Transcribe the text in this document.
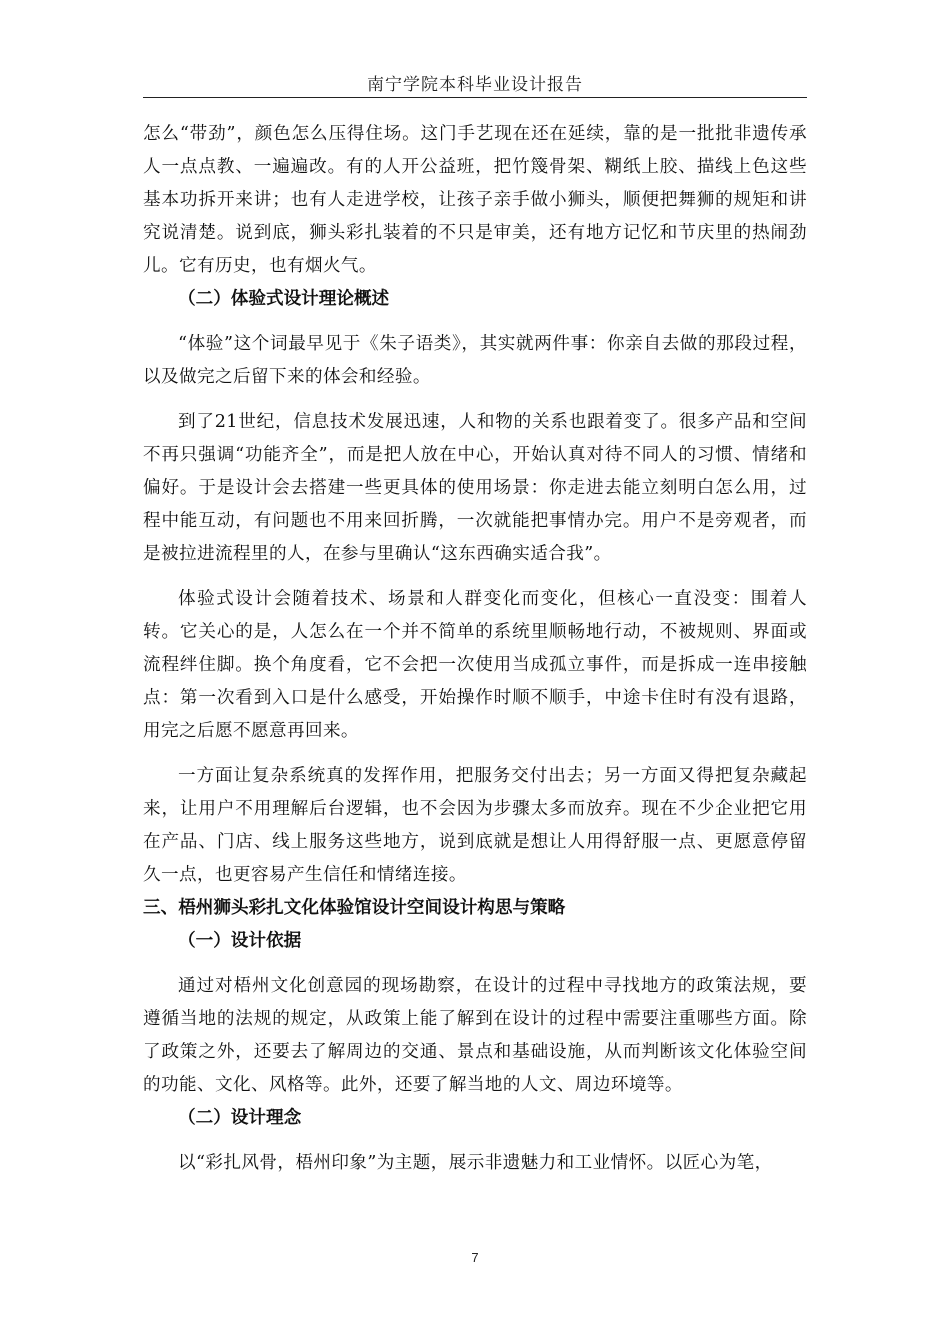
南宁学院本科毕业设计报告

怎么“带劲”，颜色怎么压得住场。这门手艺现在还在延续，靠的是一批批非遗传承人一点点教、一遍遍改。有的人开公益班，把竹篾骨架、糊纸上胶、描线上色这些基本功拆开来讲；也有人走进学校，让孩子亲手做小狮头，顺便把舞狮的规矩和讲究说清楚。说到底，狮头彩扎装着的不只是审美，还有地方记忆和节庆里的热闹劲儿。它有历史，也有烟火气。

（二）体验式设计理论概述

“体验”这个词最早见于《朱子语类》，其实就两件事：你亲自去做的那段过程，以及做完之后留下来的体会和经验。

到了21世纪，信息技术发展迅速，人和物的关系也跟着变了。很多产品和空间不再只强调“功能齐全”，而是把人放在中心，开始认真对待不同人的习惯、情绪和偏好。于是设计会去搭建一些更具体的使用场景：你走进去能立刻明白怎么用，过程中能互动，有问题也不用来回折腾，一次就能把事情办完。用户不是旁观者，而是被拉进流程里的人，在参与里确认“这东西确实适合我”。

体验式设计会随着技术、场景和人群变化而变化，但核心一直没变：围着人转。它关心的是，人怎么在一个并不简单的系统里顺畅地行动，不被规则、界面或流程绊住脚。换个角度看，它不会把一次使用当成孤立事件，而是拆成一连串接触点：第一次看到入口是什么感受，开始操作时顺不顺手，中途卡住时有没有退路，用完之后愿不愿意再回来。

一方面让复杂系统真的发挥作用，把服务交付出去；另一方面又得把复杂藏起来，让用户不用理解后台逻辑，也不会因为步骤太多而放弃。现在不少企业把它用在产品、门店、线上服务这些地方，说到底就是想让人用得舒服一点、更愿意停留久一点，也更容易产生信任和情绪连接。

三、梧州狮头彩扎文化体验馆设计空间设计构思与策略

（一）设计依据

通过对梧州文化创意园的现场勘察，在设计的过程中寻找地方的政策法规，要遵循当地的法规的规定，从政策上能了解到在设计的过程中需要注重哪些方面。除了政策之外，还要去了解周边的交通、景点和基础设施，从而判断该文化体验空间的功能、文化、风格等。此外，还要了解当地的人文、周边环境等。

（二）设计理念

以“彩扎风骨，梧州印象”为主题，展示非遗魅力和工业情怀。以匠心为笔，

7
